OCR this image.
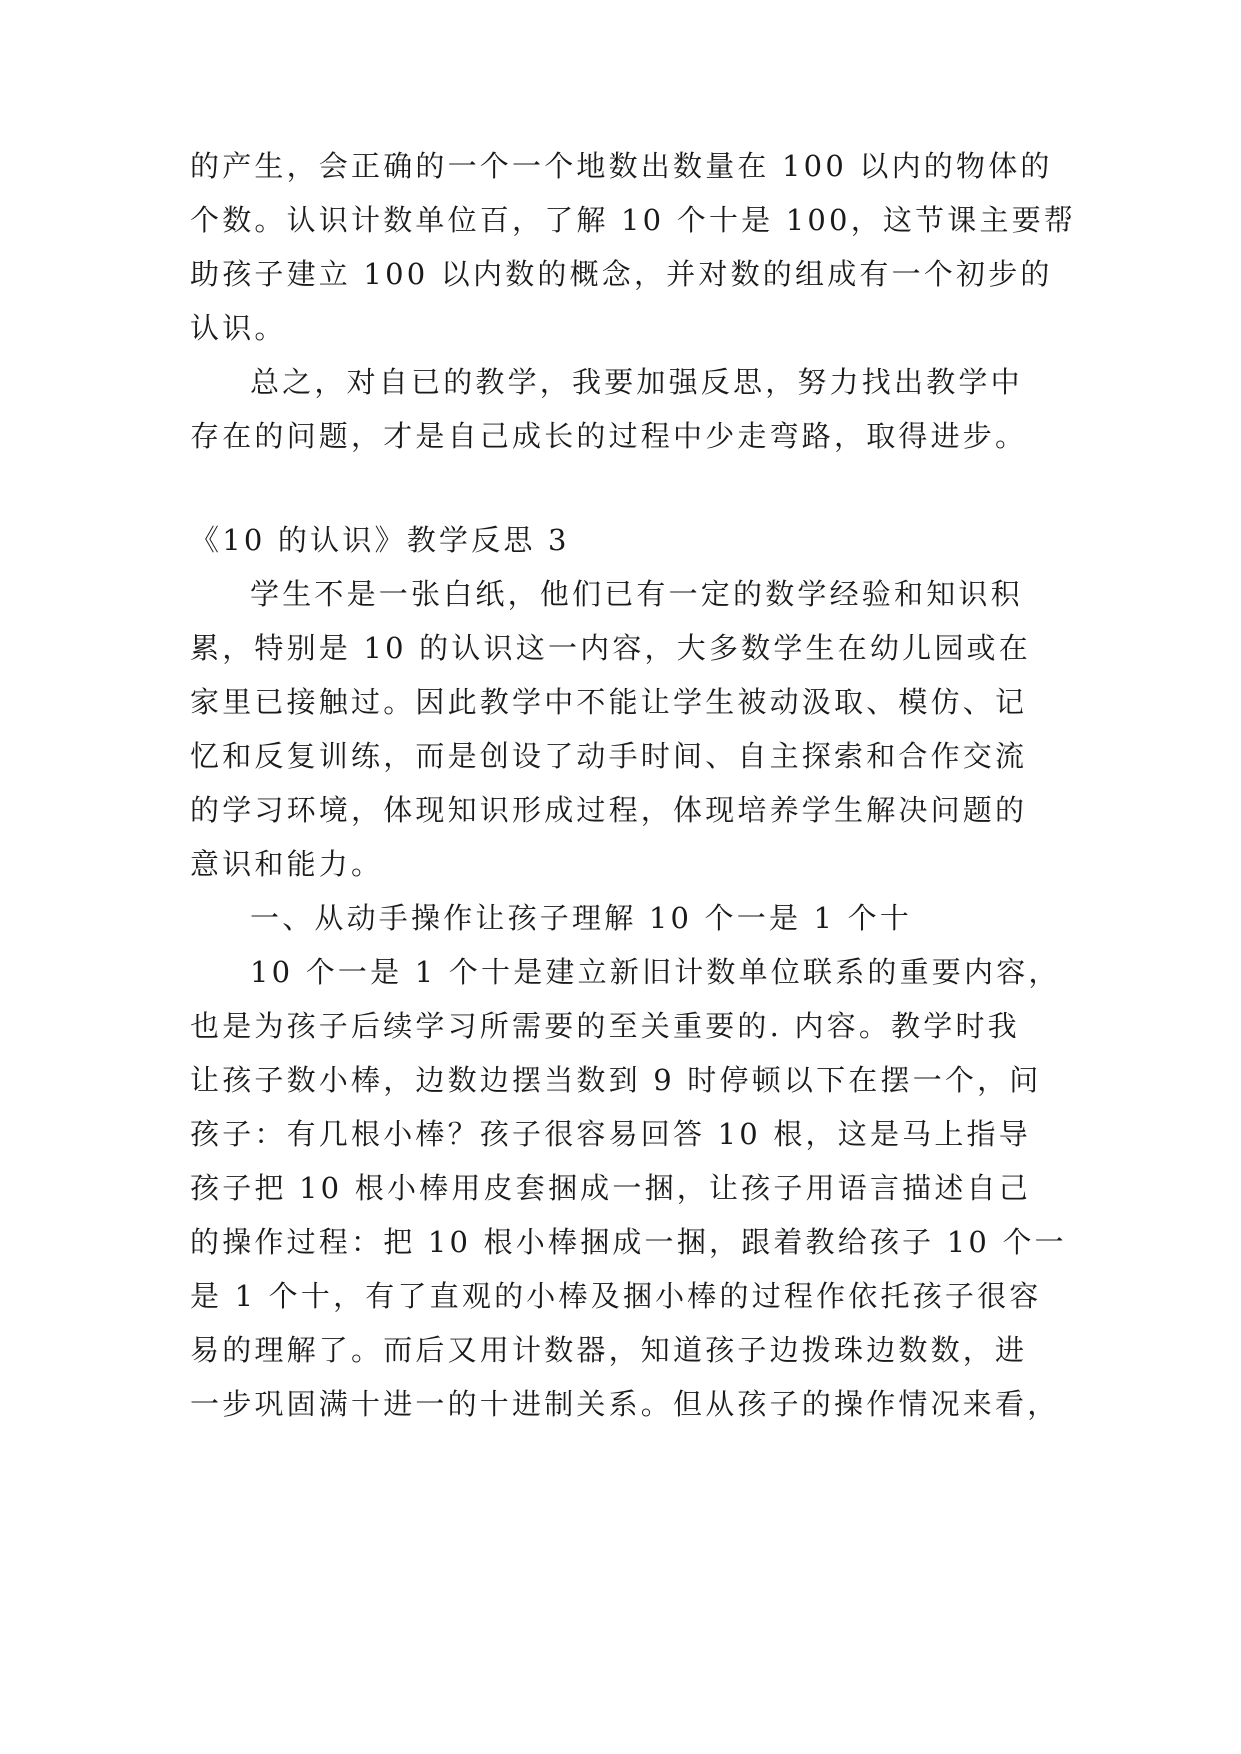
的产生，会正确的一个一个地数出数量在 100 以内的物体的
个数。认识计数单位百，了解 10 个十是 100，这节课主要帮
助孩子建立 100 以内数的概念，并对数的组成有一个初步的
认识。
总之，对自已的教学，我要加强反思，努力找出教学中
存在的问题，才是自己成长的过程中少走弯路，取得进步。
《10 的认识》教学反思 3
学生不是一张白纸，他们已有一定的数学经验和知识积
累，特别是 10 的认识这一内容，大多数学生在幼儿园或在
家里已接触过。因此教学中不能让学生被动汲取、模仿、记
忆和反复训练，而是创设了动手时间、自主探索和合作交流
的学习环境，体现知识形成过程，体现培养学生解决问题的
意识和能力。
一、从动手操作让孩子理解 10 个一是 1 个十
10 个一是 1 个十是建立新旧计数单位联系的重要内容，
也是为孩子后续学习所需要的至关重要的. 内容。教学时我
让孩子数小棒，边数边摆当数到 9 时停顿以下在摆一个，问
孩子：有几根小棒？孩子很容易回答 10 根，这是马上指导
孩子把 10 根小棒用皮套捆成一捆，让孩子用语言描述自己
的操作过程：把 10 根小棒捆成一捆，跟着教给孩子 10 个一
是 1 个十，有了直观的小棒及捆小棒的过程作依托孩子很容
易的理解了。而后又用计数器，知道孩子边拨珠边数数，进
一步巩固满十进一的十进制关系。但从孩子的操作情况来看，
